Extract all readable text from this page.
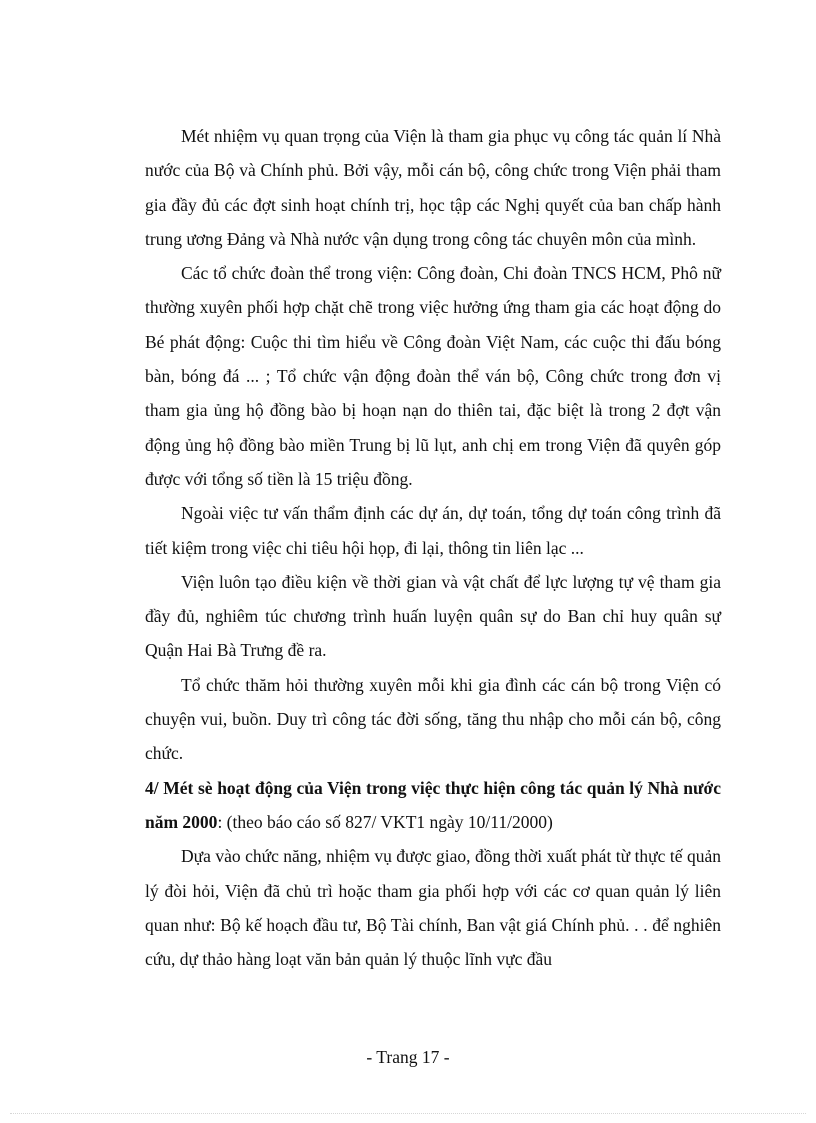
Mét nhiệm vụ quan trọng của Viện là tham gia phục vụ công tác quản lí Nhà nước của Bộ và Chính phủ. Bởi vậy, mỗi cán bộ, công chức trong Viện phải tham gia đầy đủ các đợt sinh hoạt chính trị, học tập các Nghị quyết của ban chấp hành trung ương Đảng và Nhà nước vận dụng trong công tác chuyên môn của mình.

Các tổ chức đoàn thể trong viện: Công đoàn, Chi đoàn TNCS HCM, Phô nữ thường xuyên phối hợp chặt chẽ trong việc hưởng ứng tham gia các hoạt động do Bé phát động: Cuộc thi tìm hiểu về Công đoàn Việt Nam, các cuộc thi đấu bóng bàn, bóng đá ... ; Tổ chức vận động đoàn thể ván bộ, Công chức trong đơn vị tham gia ủng hộ đồng bào bị hoạn nạn do thiên tai, đặc biệt là trong 2 đợt vận động ủng hộ đồng bào miền Trung bị lũ lụt, anh chị em trong Viện đã quyên góp được với tổng số tiền là 15 triệu đồng.

Ngoài việc tư vấn thẩm định các dự án, dự toán, tổng dự toán công trình đã tiết kiệm trong việc chi tiêu hội họp, đi lại, thông tin liên lạc ...

Viện luôn tạo điều kiện về thời gian và vật chất để lực lượng tự vệ tham gia đầy đủ, nghiêm túc chương trình huấn luyện quân sự do Ban chỉ huy quân sự Quận Hai Bà Trưng đề ra.

Tổ chức thăm hỏi thường xuyên mỗi khi gia đình các cán bộ trong Viện có chuyện vui, buồn. Duy trì công tác đời sống, tăng thu nhập cho mỗi cán bộ, công chức.

4/ Mét sè hoạt động của Viện trong việc thực hiện công tác quản lý Nhà nước năm 2000: (theo báo cáo số 827/ VKT1 ngày 10/11/2000)

Dựa vào chức năng, nhiệm vụ được giao, đồng thời xuất phát từ thực tế quản lý đòi hỏi, Viện đã chủ trì hoặc tham gia phối hợp với các cơ quan quản lý liên quan như: Bộ kế hoạch đầu tư, Bộ Tài chính, Ban vật giá Chính phủ. . . để nghiên cứu, dự thảo hàng loạt văn bản quản lý thuộc lĩnh vực đầu

- Trang 17 -
